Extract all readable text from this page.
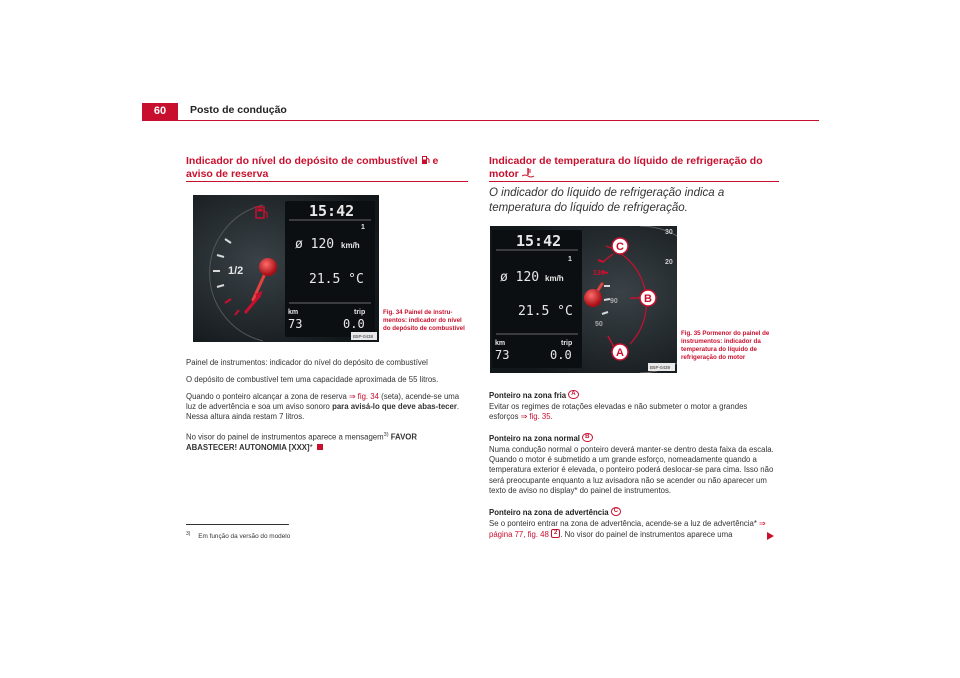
60	Posto de condução
Indicador do nível do depósito de combustível e aviso de reserva
1/2
15:42
1
ø 120 km/h
21.5 °C
km
73
trip
0.0
B5P-0438
Fig. 34 Painel de instru-mentos: indicador do nível do depósito de combustível
Painel de instrumentos: indicador do nível do depósito de combustível
O depósito de combustível tem uma capacidade aproximada de 55 litros.
Quando o ponteiro alcançar a zona de reserva ⇒ fig. 34 (seta), acende-se uma luz de advertência e soa um aviso sonoro para avisá-lo que deve abas-tecer. Nessa altura ainda restam 7 litros.
No visor do painel de instrumentos aparece a mensagem$^{3)}$ FAVOR ABASTECER! AUTONOMIA [XXX]*
$^{3)}$ Em função da versão do modelo
Indicador de temperatura do líquido de refrigeração do motor
O indicador do líquido de refrigeração indica a temperatura do líquido de refrigeração.
15:42
1
ø 120 km/h
21.5 °C
km
73
trip
0.0
130
90
50
30
20
C
B
A
B5P-0439
Fig. 35 Pormenor do painel de instrumentos: indicador da temperatura do líquido de refrigeração do motor
Ponteiro na zona fria A
Evitar os regimes de rotações elevadas e não submeter o motor a grandes esforços ⇒ fig. 35.
Ponteiro na zona normal B
Numa condução normal o ponteiro deverá manter-se dentro desta faixa da escala. Quando o motor é submetido a um grande esforço, nomeadamente quando a temperatura exterior é elevada, o ponteiro poderá deslocar-se para cima. Isso não será preocupante enquanto a luz avisadora não se acender ou não aparecer um texto de aviso no display* do painel de instrumentos.
Ponteiro na zona de advertência C
Se o ponteiro entrar na zona de advertência, acende-se a luz de advertência* ⇒ página 77, fig. 48 2 . No visor do painel de instrumentos aparece uma
